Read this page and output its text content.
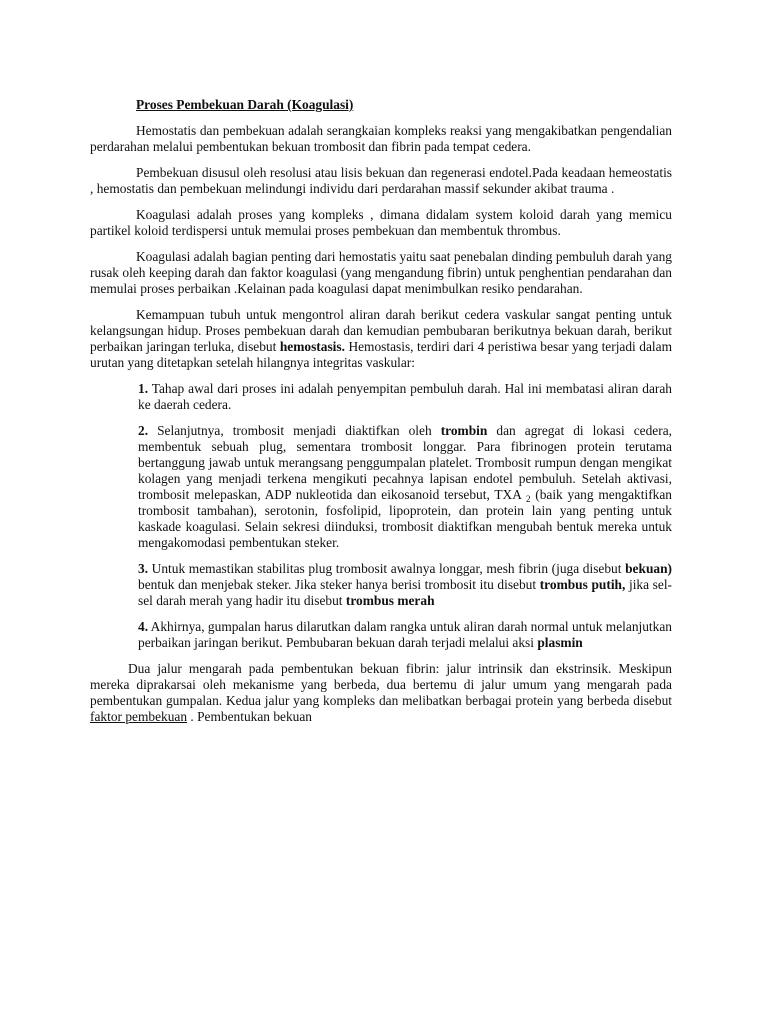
Proses Pembekuan Darah (Koagulasi)

Hemostatis dan pembekuan adalah serangkaian kompleks reaksi yang mengakibatkan pengendalian perdarahan melalui pembentukan bekuan trombosit dan fibrin pada tempat cedera.

Pembekuan disusul oleh resolusi atau lisis bekuan dan regenerasi endotel.Pada keadaan hemeostatis , hemostatis dan pembekuan melindungi individu dari perdarahan massif sekunder akibat trauma .

Koagulasi adalah proses yang kompleks , dimana didalam system koloid darah yang memicu partikel koloid terdispersi untuk memulai proses pembekuan dan membentuk thrombus.

Koagulasi adalah bagian penting dari hemostatis yaitu saat penebalan dinding pembuluh darah yang rusak oleh keeping darah dan faktor koagulasi (yang mengandung fibrin) untuk penghentian pendarahan dan memulai proses perbaikan .Kelainan pada koagulasi dapat menimbulkan resiko pendarahan.

Kemampuan tubuh untuk mengontrol aliran darah berikut cedera vaskular sangat penting untuk kelangsungan hidup. Proses pembekuan darah dan kemudian pembubaran berikutnya bekuan darah, berikut perbaikan jaringan terluka, disebut hemostasis. Hemostasis, terdiri dari 4 peristiwa besar yang terjadi dalam urutan yang ditetapkan setelah hilangnya integritas vaskular:

1. Tahap awal dari proses ini adalah penyempitan pembuluh darah. Hal ini membatasi aliran darah ke daerah cedera.

2. Selanjutnya, trombosit menjadi diaktifkan oleh trombin dan agregat di lokasi cedera, membentuk sebuah plug, sementara trombosit longgar. Para fibrinogen protein terutama bertanggung jawab untuk merangsang penggumpalan platelet. Trombosit rumpun dengan mengikat kolagen yang menjadi terkena mengikuti pecahnya lapisan endotel pembuluh. Setelah aktivasi, trombosit melepaskan, ADP nukleotida dan eikosanoid tersebut, TXA $_2$ (baik yang mengaktifkan trombosit tambahan), serotonin, fosfolipid, lipoprotein, dan protein lain yang penting untuk kaskade koagulasi. Selain sekresi diinduksi, trombosit diaktifkan mengubah bentuk mereka untuk mengakomodasi pembentukan steker.

3. Untuk memastikan stabilitas plug trombosit awalnya longgar, mesh fibrin (juga disebut bekuan) bentuk dan menjebak steker. Jika steker hanya berisi trombosit itu disebut trombus putih, jika sel-sel darah merah yang hadir itu disebut trombus merah

4. Akhirnya, gumpalan harus dilarutkan dalam rangka untuk aliran darah normal untuk melanjutkan perbaikan jaringan berikut. Pembubaran bekuan darah terjadi melalui aksi plasmin

Dua jalur mengarah pada pembentukan bekuan fibrin: jalur intrinsik dan ekstrinsik. Meskipun mereka diprakarsai oleh mekanisme yang berbeda, dua bertemu di jalur umum yang mengarah pada pembentukan gumpalan. Kedua jalur yang kompleks dan melibatkan berbagai protein yang berbeda disebut faktor pembekuan . Pembentukan bekuan
